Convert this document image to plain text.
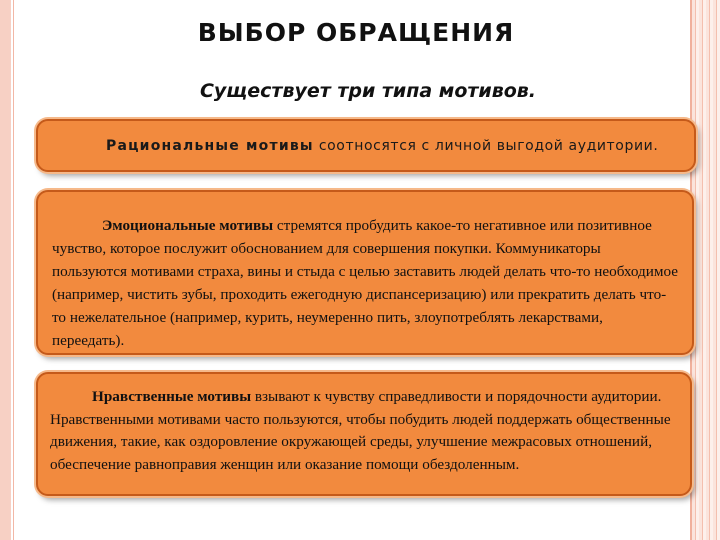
ВЫБОР ОБРАЩЕНИЯ
Существует три типа мотивов.
Рациональные мотивы соотносятся с личной выгодой аудитории.
Эмоциональные мотивы стремятся пробудить какое-то негативное или позитивное чувство, которое послужит обоснованием для совершения покупки. Коммуникаторы пользуются мотивами страха, вины и стыда с целью заставить людей делать что-то необходимое (например, чистить зубы, проходить ежегодную диспансеризацию) или прекратить делать что-то нежелательное (например, курить, неумеренно пить, злоупотреблять лекарствами, переедать).
Нравственные мотивы взывают к чувству справедливости и порядочности аудитории. Нравственными мотивами часто пользуются, чтобы побудить людей поддержать общественные движения, такие, как оздоровление окружающей среды, улучшение межрасовых отношений, обеспечение равноправия женщин или оказание помощи обездоленным.
